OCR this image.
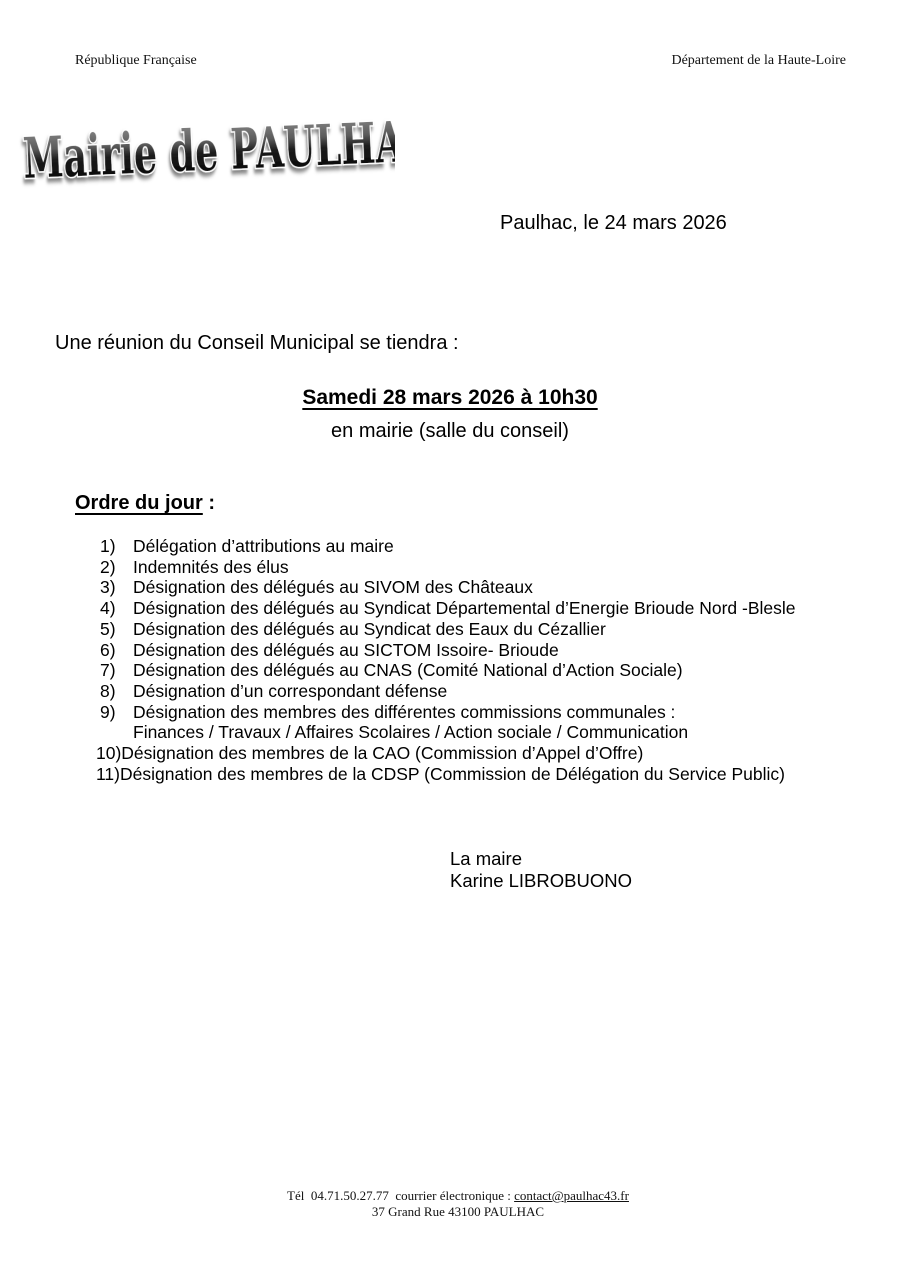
République Française	Département de la Haute-Loire
Mairie de PAULHAC
Paulhac, le 24 mars 2026
Une réunion du Conseil Municipal se tiendra :
Samedi 28 mars 2026 à 10h30
en mairie (salle du conseil)
Ordre du jour :
1) Délégation d’attributions au maire
2) Indemnités des élus
3) Désignation des délégués au SIVOM des Châteaux
4) Désignation des délégués au Syndicat Départemental d’Energie Brioude Nord -Blesle
5) Désignation des délégués au Syndicat des Eaux du Cézallier
6) Désignation des délégués au SICTOM Issoire- Brioude
7) Désignation des délégués au CNAS (Comité National d’Action Sociale)
8) Désignation d’un correspondant défense
9) Désignation des membres des différentes commissions communales :
Finances / Travaux / Affaires Scolaires / Action sociale / Communication
10) Désignation des membres de la CAO (Commission d’Appel d’Offre)
11) Désignation des membres de la CDSP (Commission de Délégation du Service Public)
La maire
Karine LIBROBUONO
Tél  04.71.50.27.77  courrier électronique : contact@paulhac43.fr
37 Grand Rue 43100 PAULHAC
